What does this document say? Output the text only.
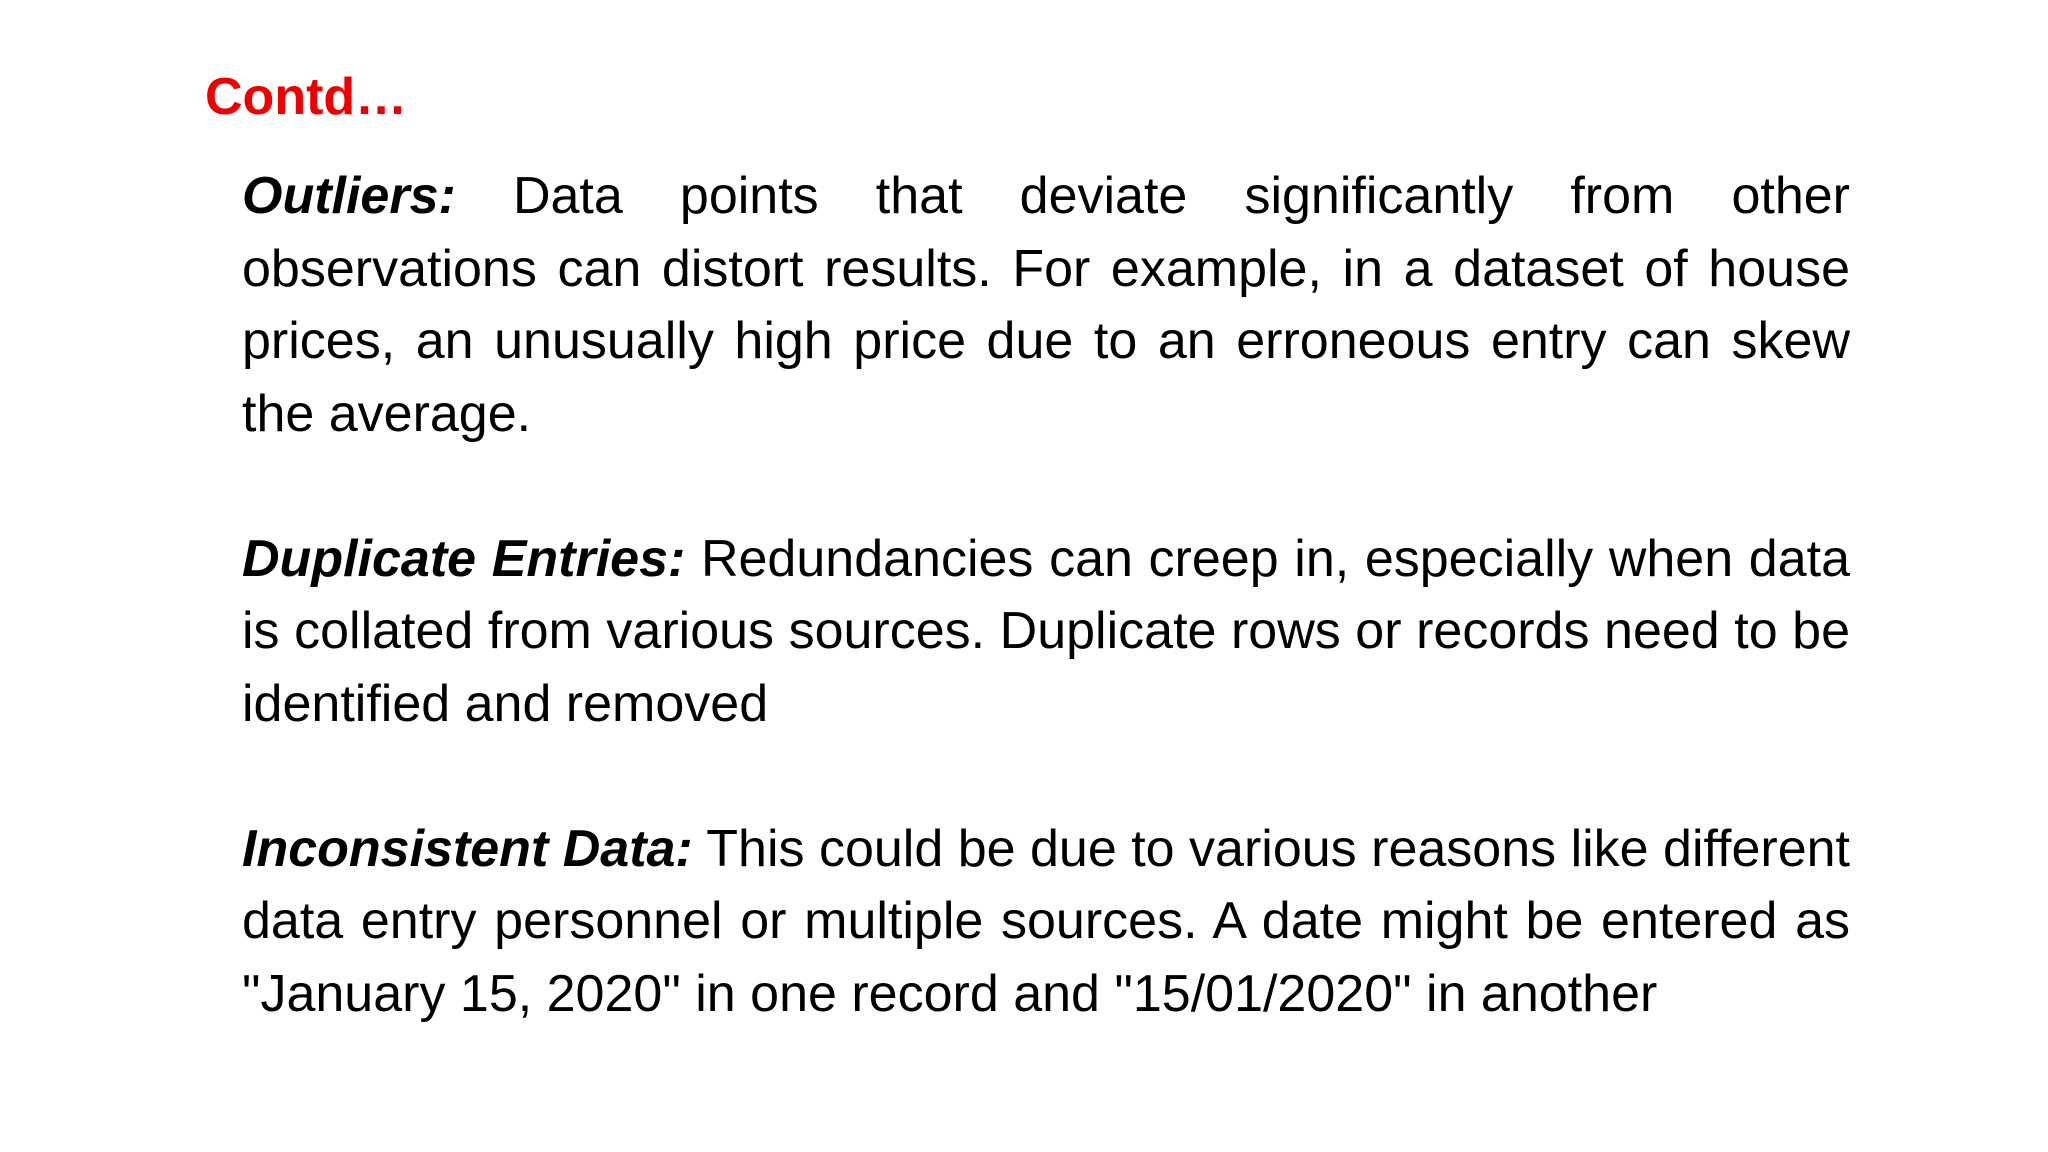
Contd…

Outliers: Data points that deviate significantly from other observations can distort results. For example, in a dataset of house prices, an unusually high price due to an erroneous entry can skew the average.

Duplicate Entries: Redundancies can creep in, especially when data is collated from various sources. Duplicate rows or records need to be identified and removed

Inconsistent Data: This could be due to various reasons like different data entry personnel or multiple sources. A date might be entered as "January 15, 2020" in one record and "15/01/2020" in another
